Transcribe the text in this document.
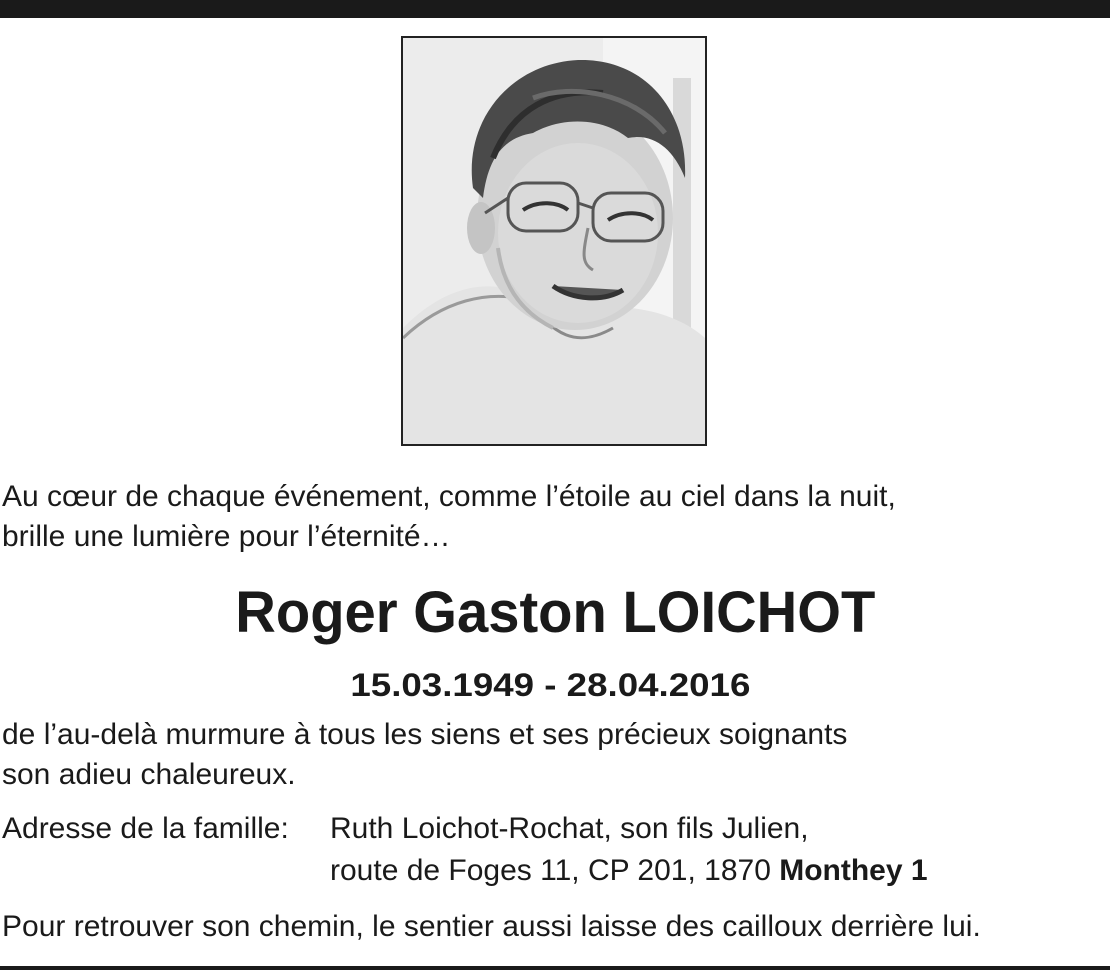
Au cœur de chaque événement, comme l’étoile au ciel dans la nuit,
brille une lumière pour l’éternité…
Roger Gaston LOICHOT
15.03.1949 - 28.04.2016
de l’au-delà murmure à tous les siens et ses précieux soignants
son adieu chaleureux.
Adresse de la famille: Ruth Loichot-Rochat, son fils Julien,
route de Foges 11, CP 201, 1870 Monthey 1
Pour retrouver son chemin, le sentier aussi laisse des cailloux derrière lui.
